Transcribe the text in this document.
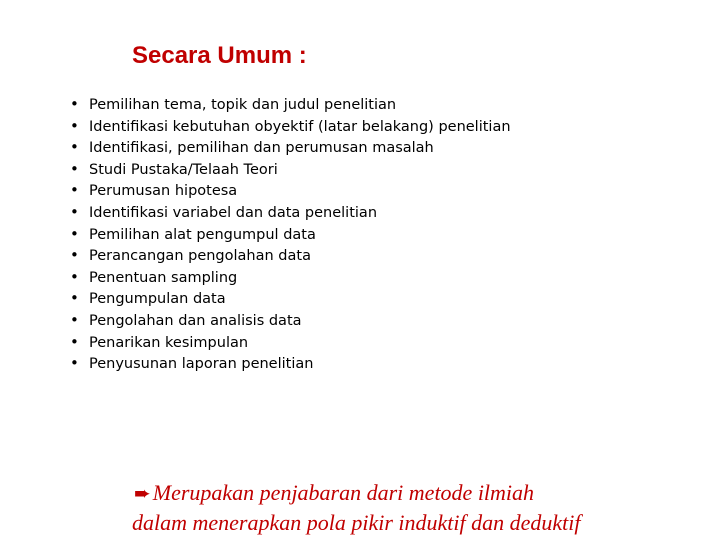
Secara Umum :
• Pemilihan tema, topik dan judul penelitian
• Identifikasi kebutuhan obyektif (latar belakang) penelitian
• Identifikasi, pemilihan dan perumusan masalah
• Studi Pustaka/Telaah Teori
• Perumusan hipotesa
• Identifikasi variabel dan data penelitian
• Pemilihan alat pengumpul data
• Perancangan pengolahan data
• Penentuan sampling
• Pengumpulan data
• Pengolahan dan analisis data
• Penarikan kesimpulan
• Penyusunan laporan penelitian
➨Merupakan penjabaran dari metode ilmiah
dalam menerapkan pola pikir induktif dan deduktif
